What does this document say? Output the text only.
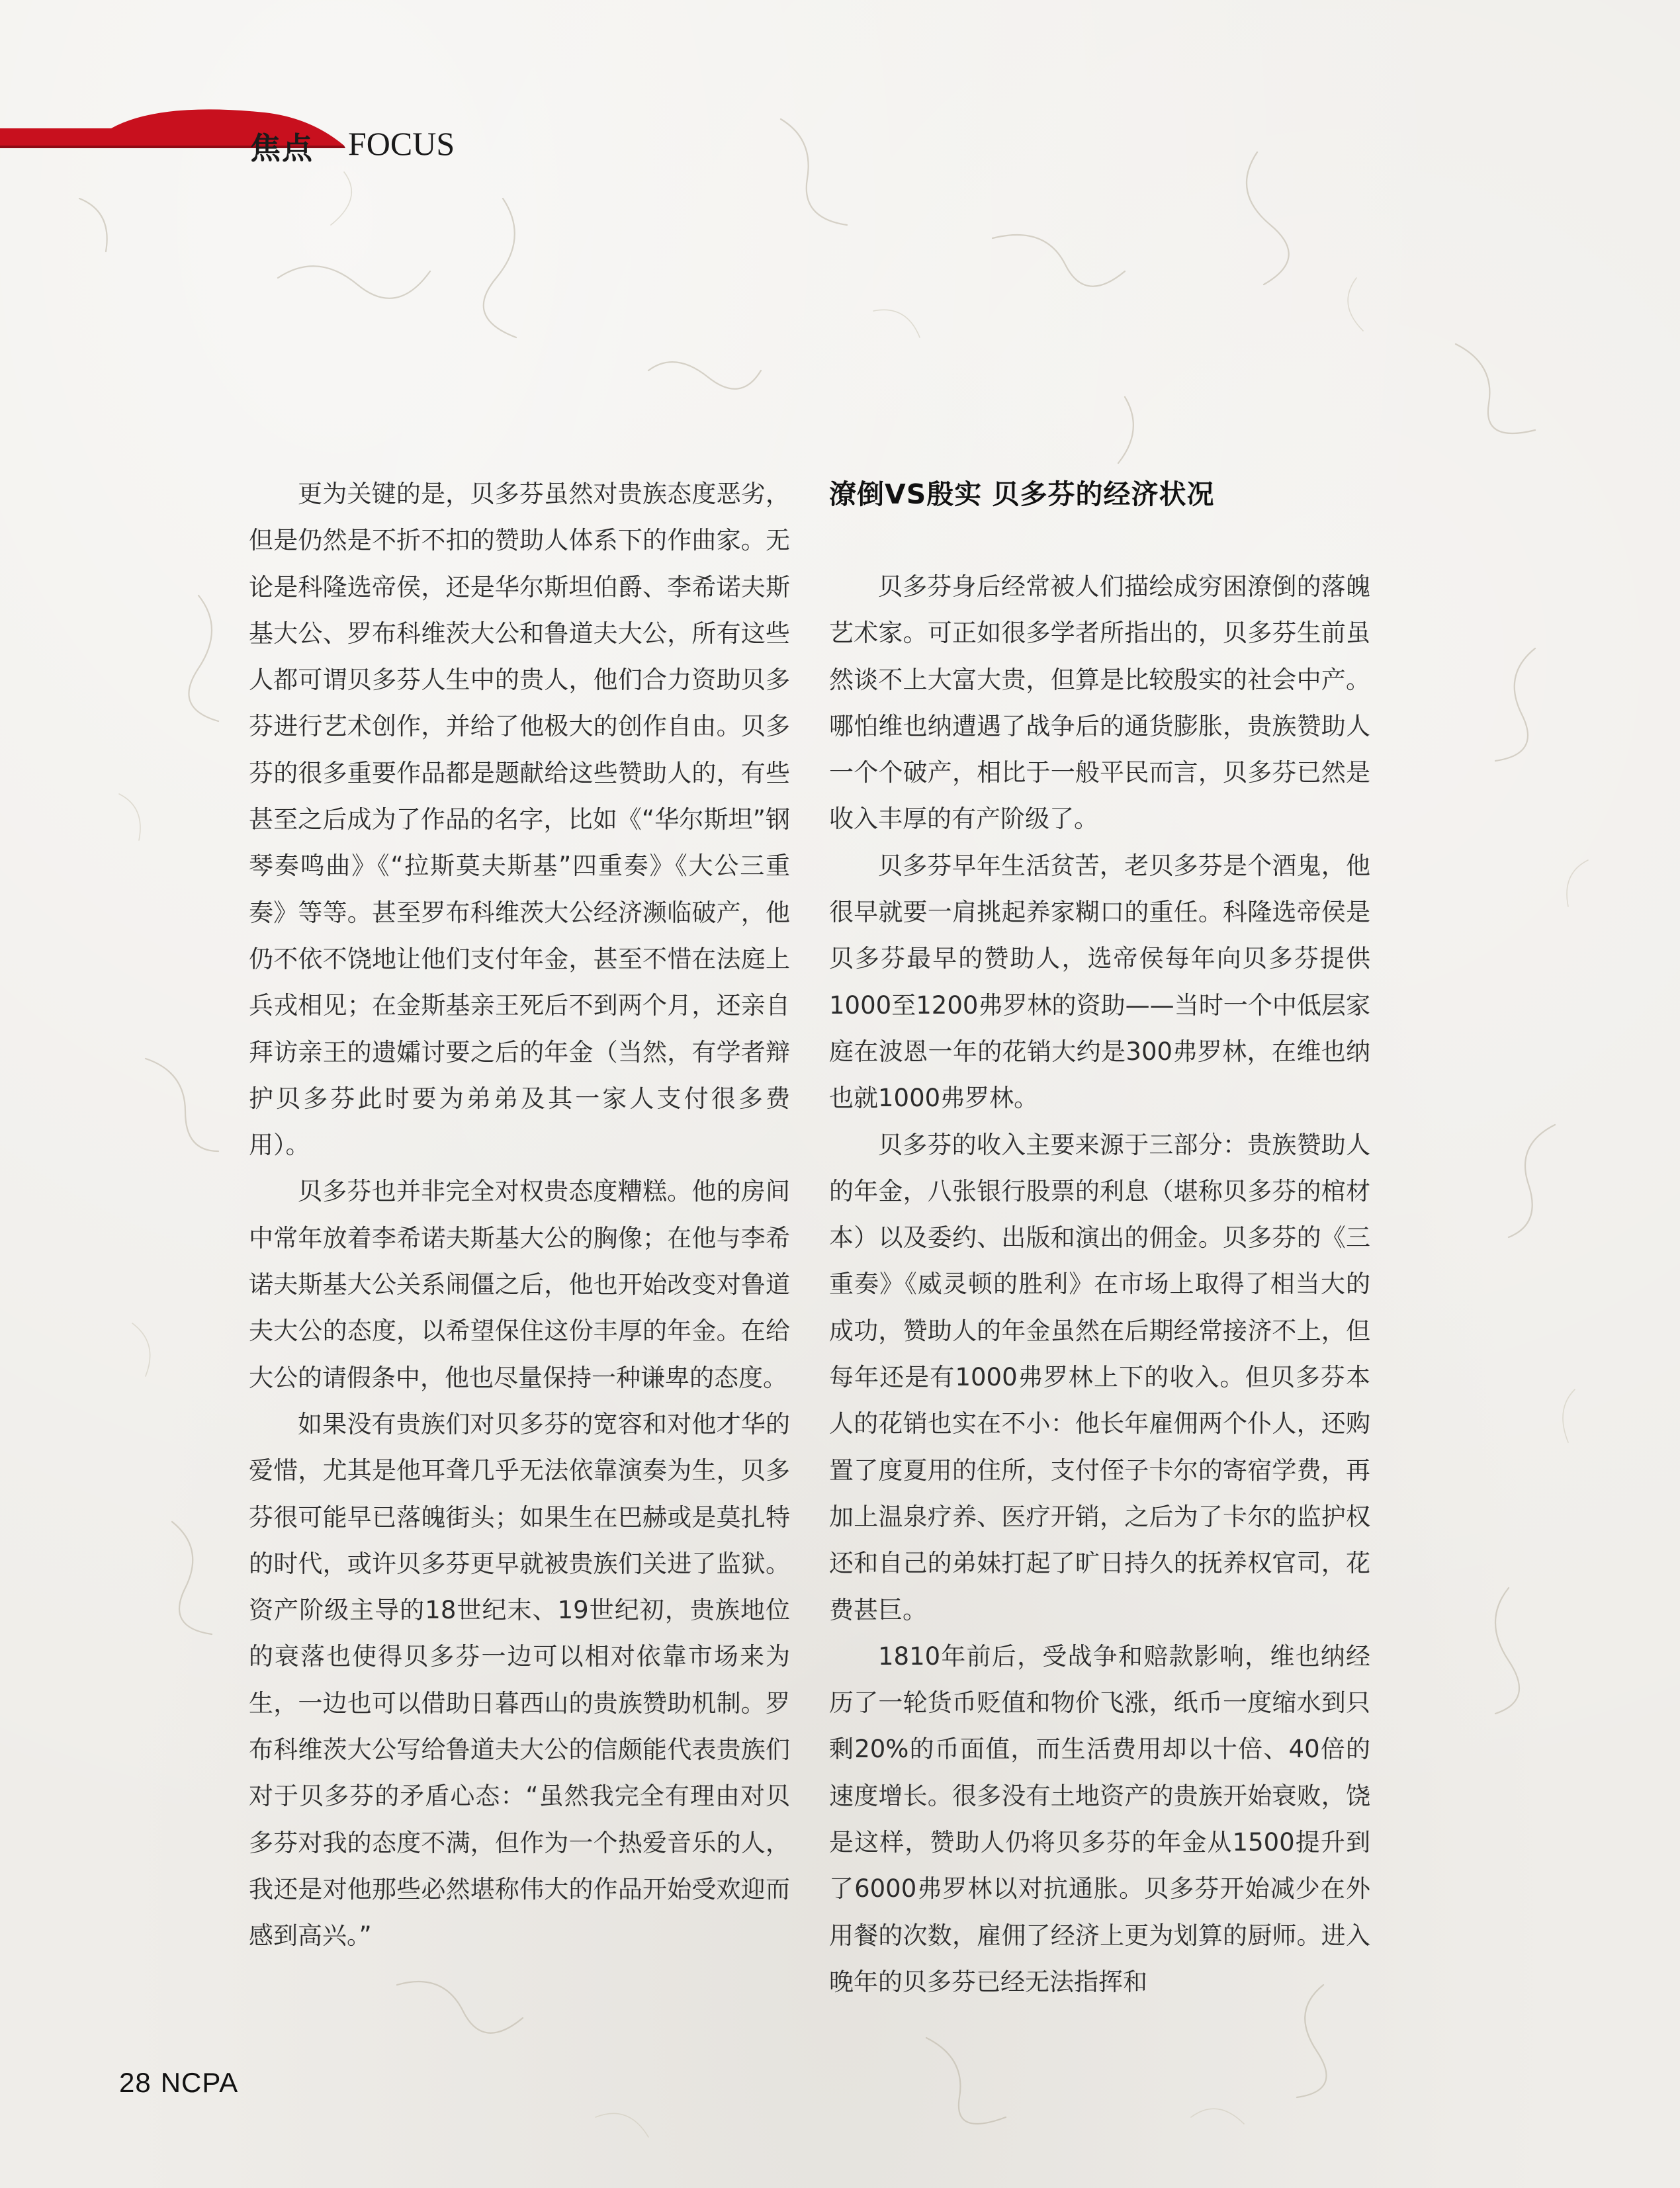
焦点 FOCUS

更为关键的是，贝多芬虽然对贵族态度恶劣，但是仍然是不折不扣的赞助人体系下的作曲家。无论是科隆选帝侯，还是华尔斯坦伯爵、李希诺夫斯基大公、罗布科维茨大公和鲁道夫大公，所有这些人都可谓贝多芬人生中的贵人，他们合力资助贝多芬进行艺术创作，并给了他极大的创作自由。贝多芬的很多重要作品都是题献给这些赞助人的，有些甚至之后成为了作品的名字，比如《“华尔斯坦”钢琴奏鸣曲》《“拉斯莫夫斯基”四重奏》《大公三重奏》等等。甚至罗布科维茨大公经济濒临破产，他仍不依不饶地让他们支付年金，甚至不惜在法庭上兵戎相见；在金斯基亲王死后不到两个月，还亲自拜访亲王的遗孀讨要之后的年金（当然，有学者辩护贝多芬此时要为弟弟及其一家人支付很多费用）。

贝多芬也并非完全对权贵态度糟糕。他的房间中常年放着李希诺夫斯基大公的胸像；在他与李希诺夫斯基大公关系闹僵之后，他也开始改变对鲁道夫大公的态度，以希望保住这份丰厚的年金。在给大公的请假条中，他也尽量保持一种谦卑的态度。

如果没有贵族们对贝多芬的宽容和对他才华的爱惜，尤其是他耳聋几乎无法依靠演奏为生，贝多芬很可能早已落魄街头；如果生在巴赫或是莫扎特的时代，或许贝多芬更早就被贵族们关进了监狱。资产阶级主导的18世纪末、19世纪初，贵族地位的衰落也使得贝多芬一边可以相对依靠市场来为生，一边也可以借助日暮西山的贵族赞助机制。罗布科维茨大公写给鲁道夫大公的信颇能代表贵族们对于贝多芬的矛盾心态：“虽然我完全有理由对贝多芬对我的态度不满，但作为一个热爱音乐的人，我还是对他那些必然堪称伟大的作品开始受欢迎而感到高兴。”

潦倒VS殷实 贝多芬的经济状况

贝多芬身后经常被人们描绘成穷困潦倒的落魄艺术家。可正如很多学者所指出的，贝多芬生前虽然谈不上大富大贵，但算是比较殷实的社会中产。哪怕维也纳遭遇了战争后的通货膨胀，贵族赞助人一个个破产，相比于一般平民而言，贝多芬已然是收入丰厚的有产阶级了。

贝多芬早年生活贫苦，老贝多芬是个酒鬼，他很早就要一肩挑起养家糊口的重任。科隆选帝侯是贝多芬最早的赞助人，选帝侯每年向贝多芬提供1000至1200弗罗林的资助——当时一个中低层家庭在波恩一年的花销大约是300弗罗林，在维也纳也就1000弗罗林。

贝多芬的收入主要来源于三部分：贵族赞助人的年金，八张银行股票的利息（堪称贝多芬的棺材本）以及委约、出版和演出的佣金。贝多芬的《三重奏》《威灵顿的胜利》在市场上取得了相当大的成功，赞助人的年金虽然在后期经常接济不上，但每年还是有1000弗罗林上下的收入。但贝多芬本人的花销也实在不小：他长年雇佣两个仆人，还购置了度夏用的住所，支付侄子卡尔的寄宿学费，再加上温泉疗养、医疗开销，之后为了卡尔的监护权还和自己的弟妹打起了旷日持久的抚养权官司，花费甚巨。

1810年前后，受战争和赔款影响，维也纳经历了一轮货币贬值和物价飞涨，纸币一度缩水到只剩20%的币面值，而生活费用却以十倍、40倍的速度增长。很多没有土地资产的贵族开始衰败，饶是这样，赞助人仍将贝多芬的年金从1500提升到了6000弗罗林以对抗通胀。贝多芬开始减少在外用餐的次数，雇佣了经济上更为划算的厨师。进入晚年的贝多芬已经无法指挥和

28 NCPA
